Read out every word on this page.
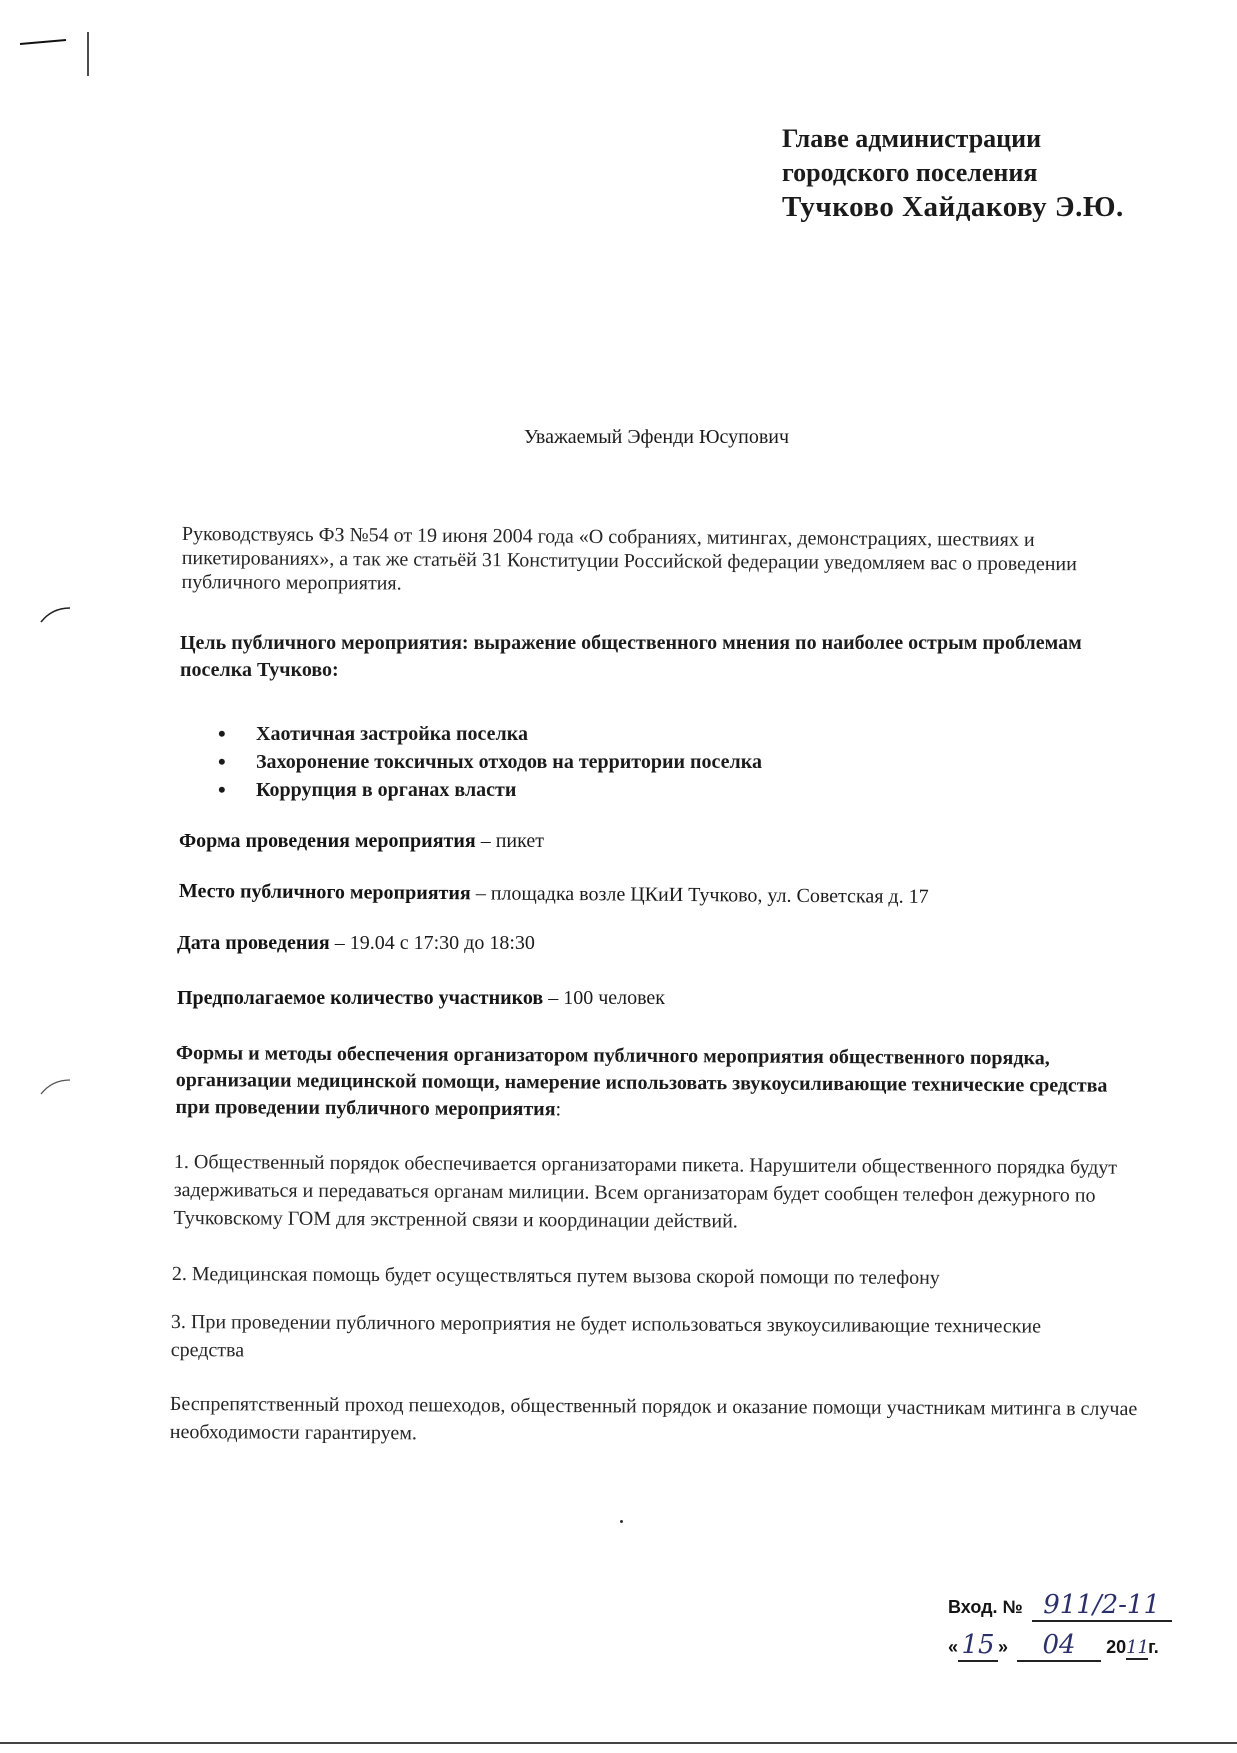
Главе администрации
городского поселения
Тучково Хайдакову Э.Ю.
Уважаемый Эфенди Юсупович
Руководствуясь ФЗ №54 от 19 июня 2004 года «О собраниях, митингах, демонстрациях, шествиях и пикетированиях», а так же статьёй 31 Конституции Российской федерации уведомляем вас о проведении публичного мероприятия.
Цель публичного мероприятия: выражение общественного мнения по наиболее острым проблемам поселка Тучково:
• Хаотичная застройка поселка
• Захоронение токсичных отходов на территории поселка
• Коррупция в органах власти
Форма проведения мероприятия – пикет
Место публичного мероприятия – площадка возле ЦКиИ Тучково, ул. Советская д. 17
Дата проведения – 19.04 с 17:30 до 18:30
Предполагаемое количество участников – 100 человек
Формы и методы обеспечения организатором публичного мероприятия общественного порядка, организации медицинской помощи, намерение использовать звукоусиливающие технические средства при проведении публичного мероприятия:
1. Общественный порядок обеспечивается организаторами пикета. Нарушители общественного порядка будут задерживаться и передаваться органам милиции. Всем организаторам будет сообщен телефон дежурного по Тучковскому ГОМ для экстренной связи и координации действий.
2. Медицинская помощь будет осуществляться путем вызова скорой помощи по телефону
3. При проведении публичного мероприятия не будет использоваться звукоусиливающие технические средства
Беспрепятственный проход пешеходов, общественный порядок и оказание помощи участникам митинга в случае необходимости гарантируем.
Вход. № 911/2-11
« 15 » 04 2011г.
